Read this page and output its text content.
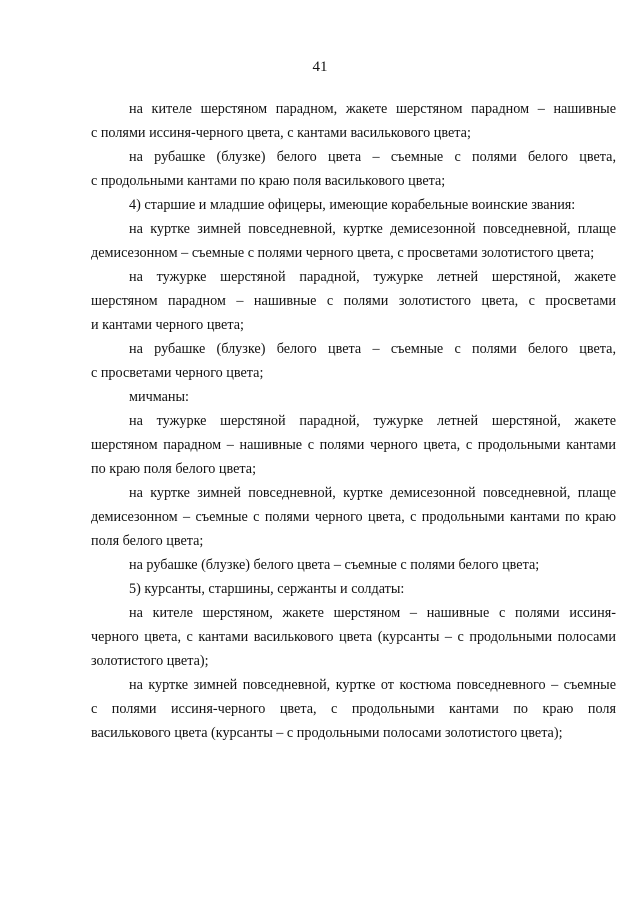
41
на кителе шерстяном парадном, жакете шерстяном парадном – нашивные
с полями иссиня-черного цвета, с кантами василькового цвета;
на рубашке (блузке) белого цвета – съемные с полями белого цвета,
с продольными кантами по краю поля василькового цвета;
4) старшие и младшие офицеры, имеющие корабельные воинские звания:
на куртке зимней повседневной, куртке демисезонной повседневной, плаще
демисезонном – съемные с полями черного цвета, с просветами золотистого цвета;
на тужурке шерстяной парадной, тужурке летней шерстяной, жакете
шерстяном парадном – нашивные с полями золотистого цвета, с просветами
и кантами черного цвета;
на рубашке (блузке) белого цвета – съемные с полями белого цвета,
с просветами черного цвета;
мичманы:
на тужурке шерстяной парадной, тужурке летней шерстяной, жакете
шерстяном парадном – нашивные с полями черного цвета, с продольными кантами
по краю поля белого цвета;
на куртке зимней повседневной, куртке демисезонной повседневной, плаще
демисезонном – съемные с полями черного цвета, с продольными кантами по краю
поля белого цвета;
на рубашке (блузке) белого цвета – съемные с полями белого цвета;
5) курсанты, старшины, сержанты и солдаты:
на кителе шерстяном, жакете шерстяном – нашивные с полями иссиня-
черного цвета, с кантами василькового цвета (курсанты – с продольными полосами
золотистого цвета);
на куртке зимней повседневной, куртке от костюма повседневного – съемные
с полями иссиня-черного цвета, с продольными кантами по краю поля
василькового цвета (курсанты – с продольными полосами золотистого цвета);
